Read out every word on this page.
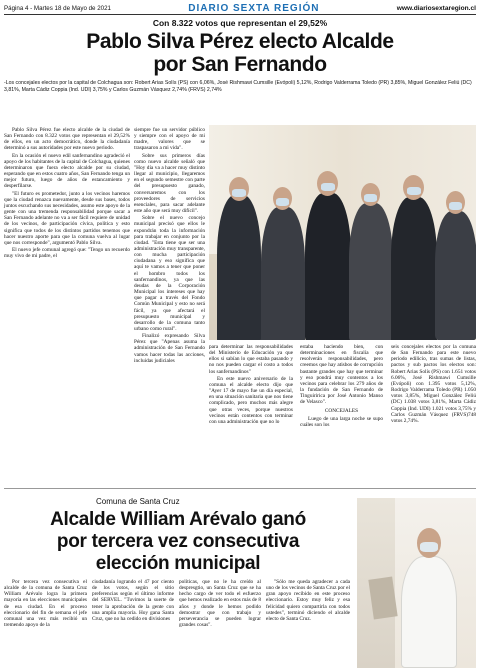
Página 4 - Martes 18 de Mayo de 2021	DIARIO SEXTA REGIÓN	www.diariosextaregion.cl
Con 8.322 votos que representan el 29,52%
Pablo Silva Pérez electo Alcalde
por San Fernando
-Los concejales electos por la capital de Colchagua son: Robert Arias Solís (PS) con 6,06%, José Rishmawi Cumsille (Evópoli) 5,12%, Rodrigo Valderrama Toledo (PR) 3,85%, Miguel González Feliú (DC) 3,81%, Marta Cádiz Coppia (Ind. UDI) 3,75% y Carlos Guzmán Vásquez 2,74% (FRVS) 2,74%

Pablo Silva Pérez fue electo alcalde de la ciudad de San Fernando con 8.322 votos que representan el 29,52% de ellos, en un acto democrático, donde la ciudadanía determinó a sus autoridades por este nuevo periodo.

En la ocasión el nuevo edil sanfernandino agradeció el apoyo de los habitantes de la capital de Colchagua, quienes determinaron que fuera electo alcalde por su ciudad, esperando que en estos cuatro años, San Fernando tenga un mejor futuro, luego de años de estancamiento y desperfilarse.

"El futuro es prometedor, junto a los vecinos haremos que la ciudad renazca nuevamente, desde sus bases, todos juntos escuchando sus necesidades, asumo este apoyo de la gente con una tremenda responsabilidad porque sacar a San Fernando adelante no va a ser fácil requiere de unidad de los vecinos, de participación cívica, política y esto significa que todos de los distintos partidos tenemos que hacer nuestro aporte para que la comuna vuelva al lugar que nos corresponde", argumentó Pablo Silva.

El nuevo jefe comunal agregó que: "Tengo un recuerdo muy vivo de mi padre, el

siempre fue un servidor público y siempre con el apoyo de mi madre, valores que se traspasaron a mi vida".

Sobre sus primeros días como nuevo alcalde señaló que "Hoy día va a hacer muy distinto llegar al municipio, llegaremos en el segundo semestre con parte del presupuesto ganado, conversaremos con los proveedores de servicios esenciales, para sacar adelante este año que será muy difícil".

Sobre el nuevo concejo municipal precisó que ellos le expondrán toda la información para trabajar en conjunto por la ciudad. "Esta tiene que ser una administración muy transparente, con mucha participación ciudadana y eso significa que aquí te vamos a tener que poner el hombro todos los sanfernandinos, ya que las deudas de la Corporación Municipal los intereses que hay que pagar a través del Fondo Común Municipal y esto no será fácil, ya que afectará el presupuesto municipal y desarrollo de la comuna tanto urbano como rural".

Finalizó expresando Silva Pérez que "Apenas asuma la administración de San Fernando vamos hacer todas las acciones, incluidas judiciales

para determinar las responsabilidades del Ministerio de Educación ya que ellos si sabían lo que estaba pasando y no nos pueden cargar el costo a todos los sanfernandinos"

En este nuevo aniversario de la comuna el alcalde electo dijo que "Ayer 17 de mayo fue un día especial, en una situación sanitaria que nos tiene complicado, pero muchos más alegre que otras veces, porque nuestros vecinos están contentos con terminar con una administración que no lo

estaba haciendo bien, con determinaciones en fiscalía que resolverán responsabilidades, pero creemos que hay atisbos de corrupción bastante grandes que hay que terminar y eso pondrá muy contentos a los vecinos para celebrar los 279 años de la fundación de San Fernando de Tinguiririca por José Antonio Manso de Velasco".

CONCEJALES

Luego de una larga noche se supo cuáles son los

seis concejales electos por la comuna de San Fernando para este nuevo periodo edilicio, tras sumas de listas, pactos y sub pactos los electos son: Robert Arias Solís (PS) con 1.651 votos 6.06%, José Rishmawi Cumsille (Evópoli) con 1.395 votos 5,12%, Rodrigo Valderrama Toledo (PR) 1.050 votos 3,85%, Miguel González Feliú (DC) 1.038 votos 3,81%, Marta Cádiz Coppia (Ind. UDI) 1.021 votos 3,75% y Carlos Guzmán Vásquez (FRVS)748 votos 2,74%.

Comuna de Santa Cruz
Alcalde William Arévalo ganó
por tercera vez consecutiva
elección municipal

Por tercera vez consecutiva el alcalde de la comuna de Santa Cruz William Arévalo logra la primera mayoría en las elecciones municipales de esa ciudad. En el proceso eleccionario del fin de semana el jefe comunal una vez más recibió un tremendo apoyo de la

ciudadanía logrando el 47 por ciento de los votos, según el sitio preferencias según el último informe del SERVEL. "Tuvimos la suerte de tener la aprobación de la gente con una amplia mayoría. Hoy gana Santa Cruz, que no ha cedido en divisiones

políticas, que no le ha creído al despresgtio, un Santa Cruz que se ha hecho cargo de ver todo el esfuerzo que hemos realizado en estos más de 8 años y donde le hemos podido demostrar que con trabajo y perseverancia se pueden lograr grandes cosas".

"Sólo me queda agradecer a cada uno de los vecinos de Santa Cruz por el gran apoyo recibido en este proceso eleccionario. Estoy muy feliz y esa felicidad quiero compartirla con todos ustedes", terminó diciendo el alcalde electo de Santa Cruz.
